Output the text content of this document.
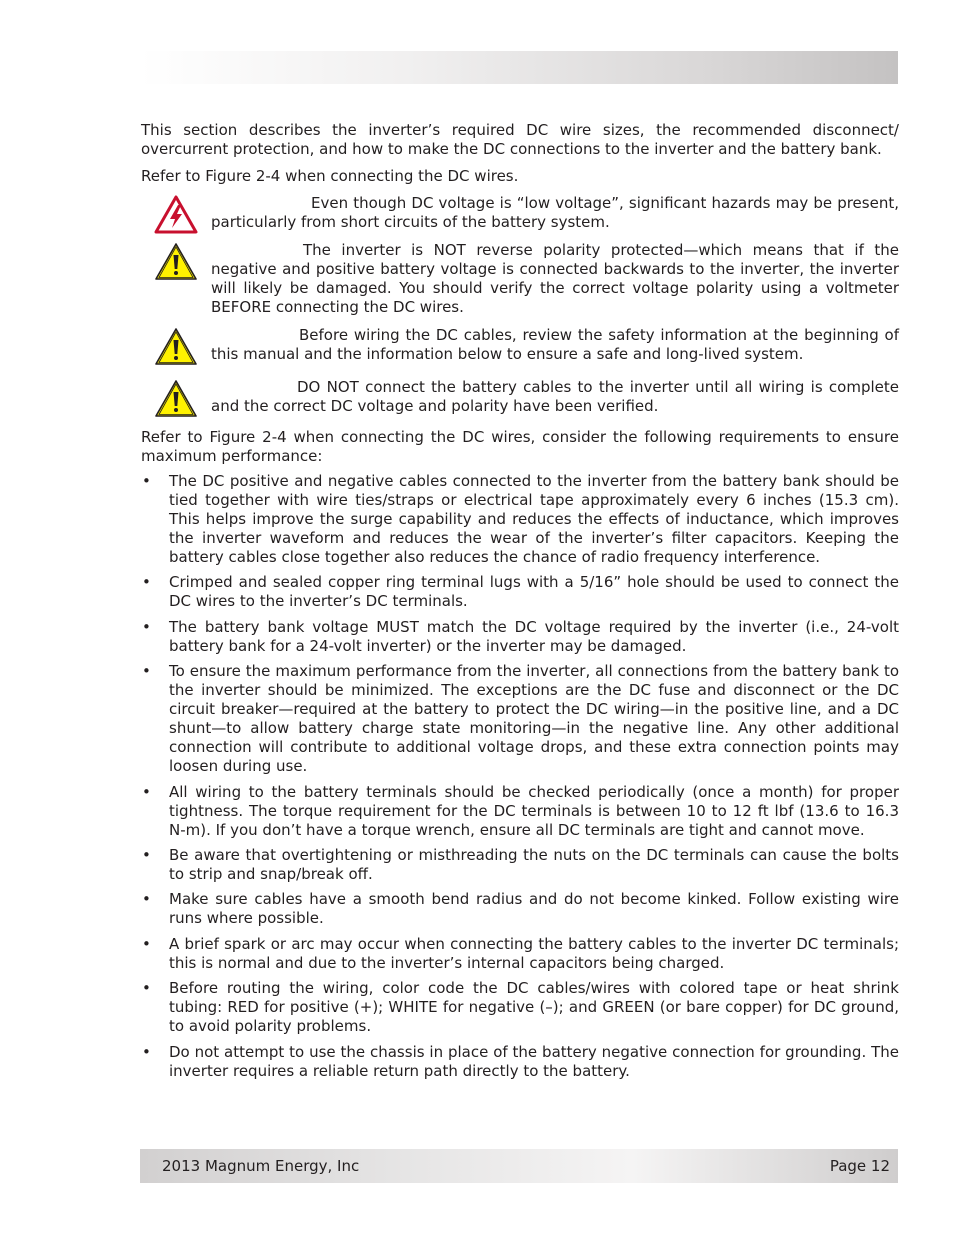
This section describes the inverter’s required DC wire sizes, the recommended disconnect/ overcurrent protection, and how to make the DC connections to the inverter and the battery bank.

Refer to Figure 2-4 when connecting the DC wires.

Even though DC voltage is “low voltage”, significant hazards may be present, particularly from short circuits of the battery system.
The inverter is NOT reverse polarity protected—which means that if the negative and positive battery voltage is connected backwards to the inverter, the inverter will likely be damaged. You should verify the correct voltage polarity using a voltmeter BEFORE connecting the DC wires.
Before wiring the DC cables, review the safety information at the beginning of this manual and the information below to ensure a safe and long-lived system.
DO NOT connect the battery cables to the inverter until all wiring is complete and the correct DC voltage and polarity have been verified.

Refer to Figure 2-4 when connecting the DC wires, consider the following requirements to ensure maximum performance:

• The DC positive and negative cables connected to the inverter from the battery bank should be tied together with wire ties/straps or electrical tape approximately every 6 inches (15.3 cm). This helps improve the surge capability and reduces the effects of inductance, which improves the inverter waveform and reduces the wear of the inverter’s filter capacitors. Keeping the battery cables close together also reduces the chance of radio frequency interference.
• Crimped and sealed copper ring terminal lugs with a 5/16” hole should be used to connect the DC wires to the inverter’s DC terminals.
• The battery bank voltage MUST match the DC voltage required by the inverter (i.e., 24-volt battery bank for a 24-volt inverter) or the inverter may be damaged.
• To ensure the maximum performance from the inverter, all connections from the battery bank to the inverter should be minimized. The exceptions are the DC fuse and disconnect or the DC circuit breaker—required at the battery to protect the DC wiring—in the positive line, and a DC shunt—to allow battery charge state monitoring—in the negative line. Any other additional connection will contribute to additional voltage drops, and these extra connection points may loosen during use.
• All wiring to the battery terminals should be checked periodically (once a month) for proper tightness. The torque requirement for the DC terminals is between 10 to 12 ft lbf (13.6 to 16.3 N-m). If you don’t have a torque wrench, ensure all DC terminals are tight and cannot move.
• Be aware that overtightening or misthreading the nuts on the DC terminals can cause the bolts to strip and snap/break off.
• Make sure cables have a smooth bend radius and do not become kinked. Follow existing wire runs where possible.
• A brief spark or arc may occur when connecting the battery cables to the inverter DC terminals; this is normal and due to the inverter’s internal capacitors being charged.
• Before routing the wiring, color code the DC cables/wires with colored tape or heat shrink tubing: RED for positive (+); WHITE for negative (–); and GREEN (or bare copper) for DC ground, to avoid polarity problems.
• Do not attempt to use the chassis in place of the battery negative connection for grounding. The inverter requires a reliable return path directly to the battery.
2013 Magnum Energy, Inc	Page 12
